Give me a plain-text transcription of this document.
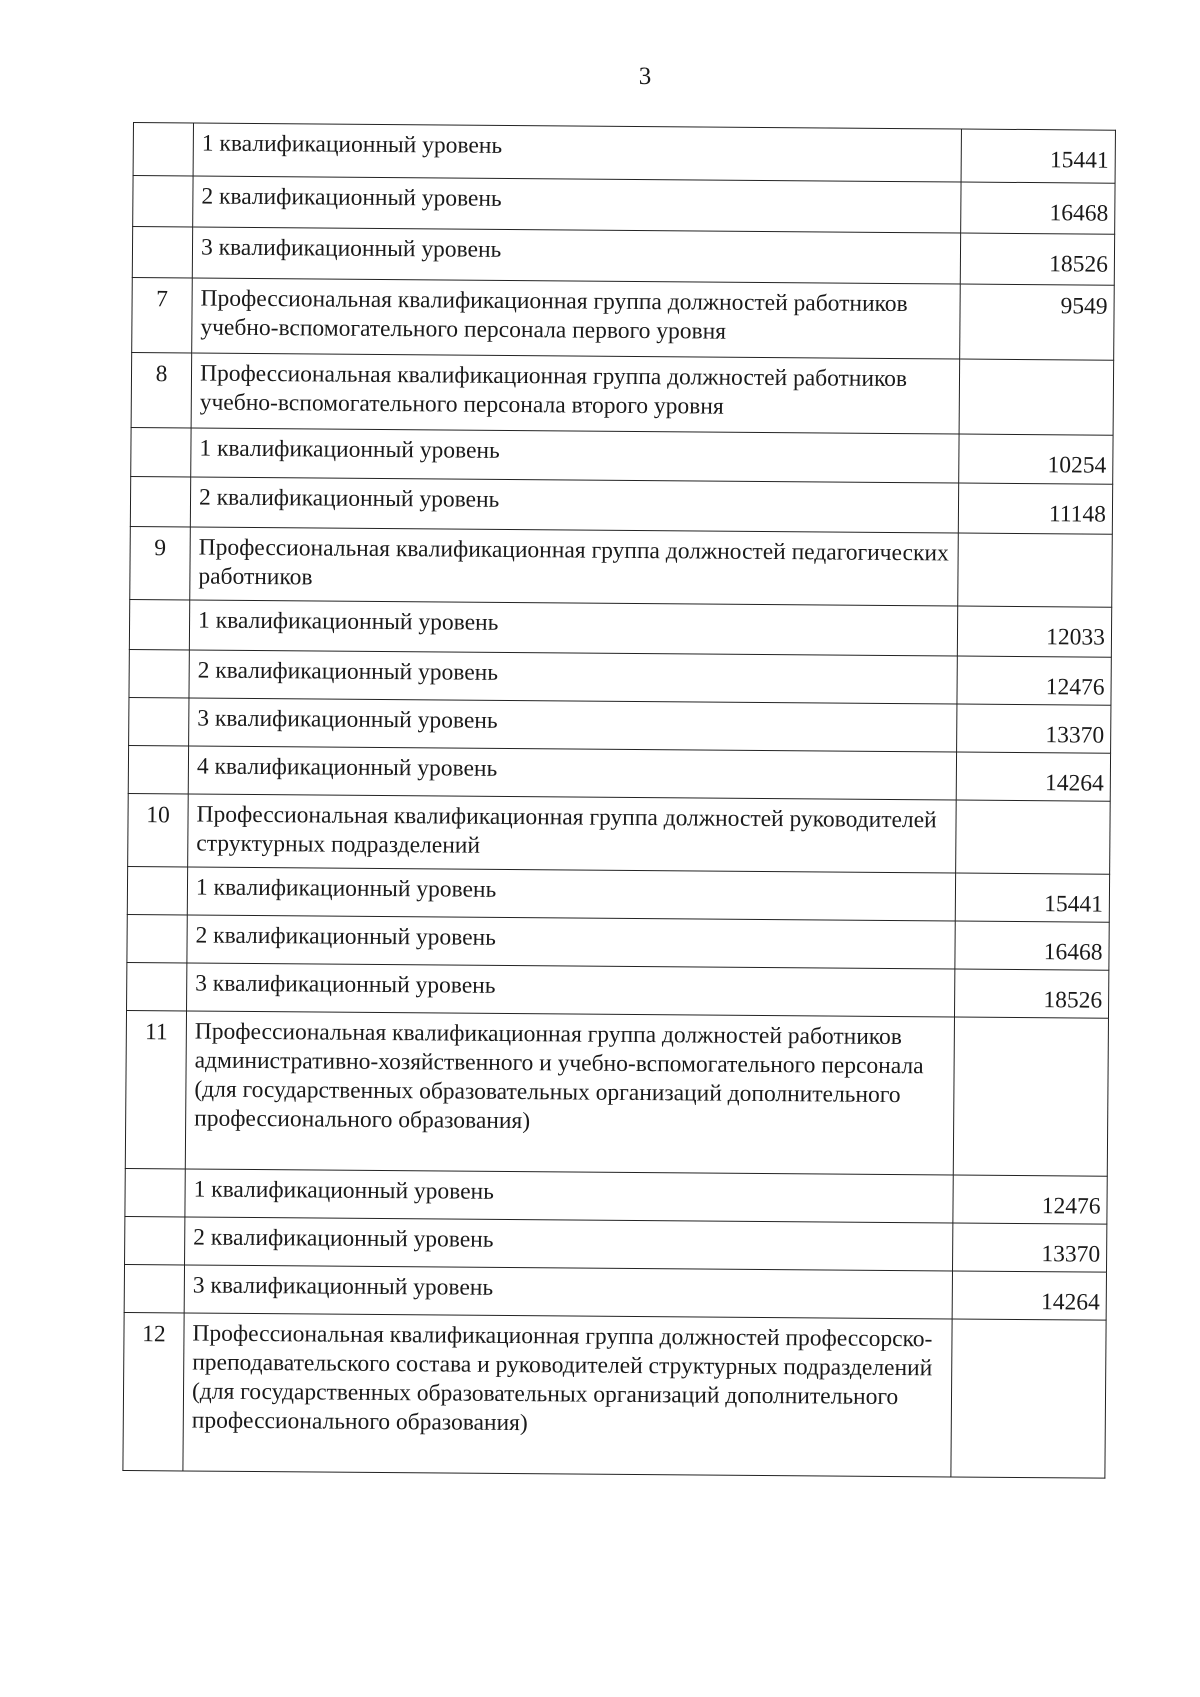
3
	1 квалификационный уровень	15441
	2 квалификационный уровень	16468
	3 квалификационный уровень	18526
7	Профессиональная квалификационная группа должностей работников учебно-вспомогательного персонала первого уровня	9549
8	Профессиональная квалификационная группа должностей работников учебно-вспомогательного персонала второго уровня	
	1 квалификационный уровень	10254
	2 квалификационный уровень	11148
9	Профессиональная квалификационная группа должностей педагогических работников	
	1 квалификационный уровень	12033
	2 квалификационный уровень	12476
	3 квалификационный уровень	13370
	4 квалификационный уровень	14264
10	Профессиональная квалификационная группа должностей руководителей структурных подразделений	
	1 квалификационный уровень	15441
	2 квалификационный уровень	16468
	3 квалификационный уровень	18526
11	Профессиональная квалификационная группа должностей работников административно-хозяйственного и учебно-вспомогательного персонала (для государственных образовательных организаций дополнительного профессионального образования)	
	1 квалификационный уровень	12476
	2 квалификационный уровень	13370
	3 квалификационный уровень	14264
12	Профессиональная квалификационная группа должностей профессорско-преподавательского состава и руководителей структурных подразделений (для государственных образовательных организаций дополнительного профессионального образования)	
